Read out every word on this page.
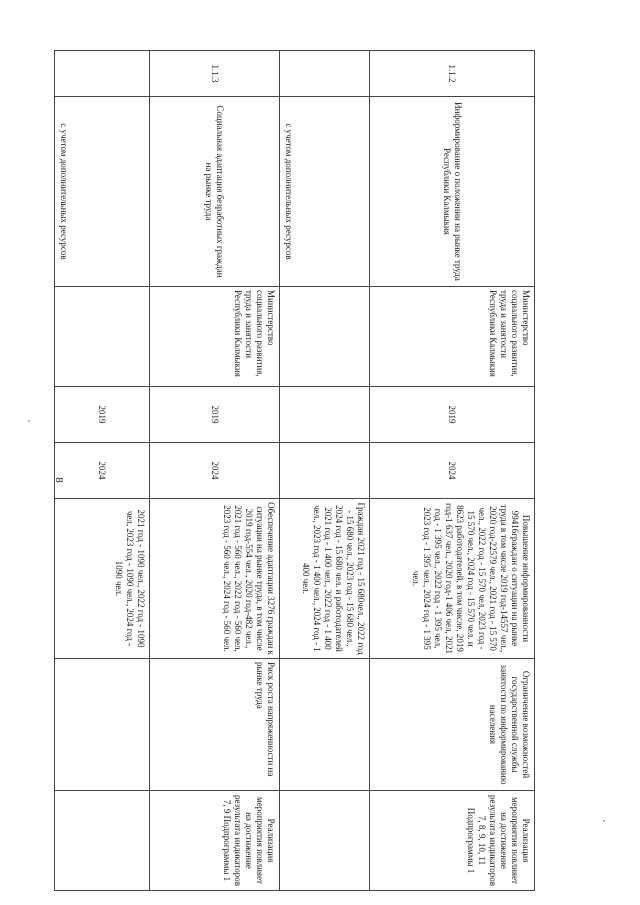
8
1.1.2	Информирование о положении на рынке труда Республики Калмыкия	Министерство социального развития, труда и занятости Республики Калмыкия	2019	2024	Повышение информированности 99416граждан о ситуации на рынке труда в том числе 2019 год-14557 чел., 2020 год-22579 чел., 2021 год - 15 570 чел., 2022 год - 15 570 чел, 2023 год - 15 570 чел., 2024 год - 15 570 чел. и 8623 работодателей, в том числе, 2019 год-1 637 чел., 2020 год-1 406 чел, 2021 год - 1 395 чел., 2022 год - 1 395 чел, 2023 год - 1 395 чел., 2024 год - 1 395 чел.	Ограничение возможностей государственной службы занятости по информированию населения	Реализация мероприятия повлияет на достижение результата индикаторов 7, 8, 9, 10, 11 Подпрограммы 1
	с учетом дополнительных ресурсов				Граждан 2021 год - 15 680чел., 2022 год - 15 680 чел., 2023 год - 15 680 чел., 2024 год - 15 680 чел. и работодателей 2021 год - 1 400 чел., 2022 год - 1 400 чел., 2023 год - 1 400 чел., 2024 год - 1 400 чел.		
1.1.3	Социальная адаптация безработных граждан на рынке труда	Министерство социального развития, труда и занятости Республики Калмыкия	2019	2024	Обеспечение адаптации 3276 граждан к ситуации на рынке труда, в том числе 2019 год-554 чел., 2020 год-482 чел., 2021 год - 560 чел., 2022 год - 560 чел, 2023 год - 560 чел., 2024 год - 560 чел.	Риск роста напряженности на рынке труда	Реализация мероприятия повлияет на достижение результата индикаторов 7, 9 Подпрограммы 1
	с учетом дополнительных ресурсов		2019	2024	2021 год - 1090 чел., 2022 год - 1090 чел, 2023 год - 1090 чел., 2024 год - 1090 чел.		
